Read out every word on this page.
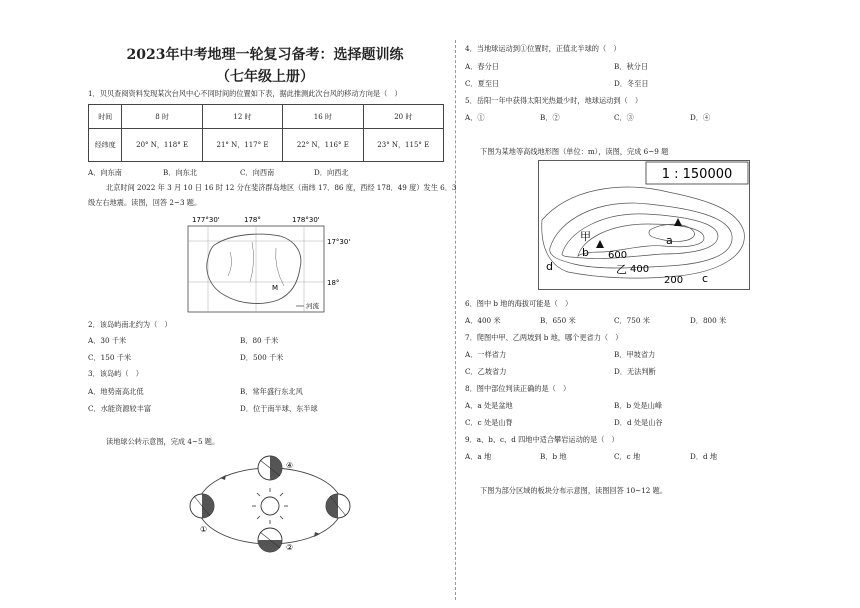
2023年中考地理一轮复习备考：选择题训练
（七年级上册）
1．贝贝查阅资料发现某次台风中心不同时间的位置如下表，据此推测此次台风的移动方向是（　）
时间	8 时	12 时	16 时	20 时
经纬度	20° N，118° E	21° N，117° E	22° N，116° E	23° N，115° E
A．向东南	B．向东北	C．向西南	D．向西北
北京时间 2022 年 3 月 10 日 16 时 12 分在斐济群岛地区（南纬 17．86 度，西经 178．49 度）发生 6．3
级左右地震。读图，回答 2~3 题。
177°30'	178°	178°30'
17°30'
18°
M
河流
2．该岛屿南北约为（　）
A．30 千米	B．80 千米
C．150 千米	D．500 千米
3．该岛屿（　）
A．地势南高北低	B．常年盛行东北风
C．水能资源较丰富	D．位于南半球、东半球
读地球公转示意图，完成 4~5 题。
④
①
②
4．当地球运动到①位置时，正值北半球的（　）
A．春分日	B．秋分日
C．夏至日	D．冬至日
5．岳阳一年中获得太阳光热最少时，地球运动到（　）
A．①	B．②	C．③	D．④
下图为某地等高线地形图（单位：m），读图，完成 6~9 题
1 : 150000
甲	a
b 600
乙 400
200 c
d
6．图中 b 地的海拔可能是（　）
A．400 米	B．650 米	C．750 米	D．800 米
7．爬图中甲、乙两坡到 b 地，哪个更省力（　）
A．一样省力	B．甲坡省力
C．乙坡省力	D．无法判断
8．图中部位判读正确的是（　）
A．a 处是盆地	B．b 处是山峰
C．c 处是山脊	D．d 处是山谷
9．a、b、c、d 四地中适合攀岩运动的是（　）
A．a 地	B．b 地	C．c 地	D．d 地
下图为部分区域的板块分布示意图，读图回答 10~12 题。
